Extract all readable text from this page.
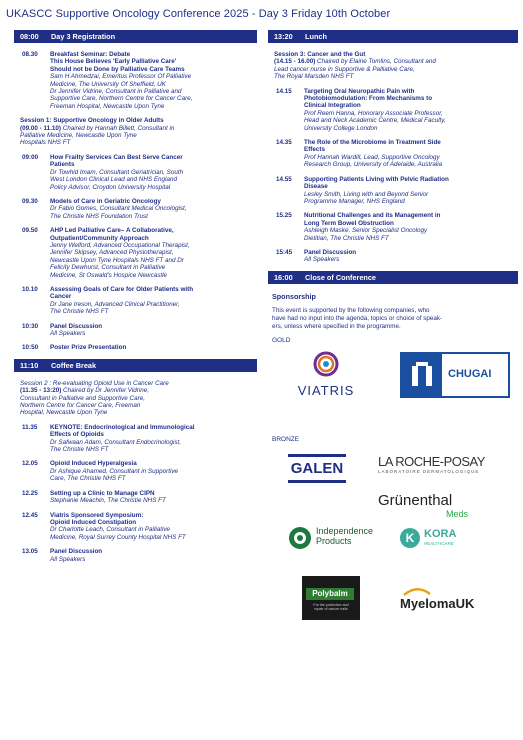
UKASCC Supportive Oncology Conference 2025 - Day 3 Friday 10th October
08:00 Day 3 Registration
08.30 Breakfast Seminar: Debate
This House Believes 'Early Palliative Care'
Should not be Done by Palliative Care Teams
Sam H Ahmedzai, Emeritus Professor Of Palliative
Medicine, The University Of Sheffield, UK
Dr Jennifer Vidrine, Consultant in Palliative and
Supportive Care, Northern Centre for Cancer Care,
Freeman Hospital, Newcastle Upon Tyne
Session 1: Supportive Oncology in Older Adults
(09.00 - 11.10) Chaired by Hannah Billett, Consultant in
Palliative Medicine, Newcastle Upon Tyne
Hospitals NHS FT
09:00 How Frailty Services Can Best Serve Cancer
Patients
Dr Towhid Imam, Consultant Geriatrician, South
West London Clinical Lead and NHS England
Policy Advisor, Croydon University Hospital
09.30 Models of Care in Geriatric Oncology
Dr Fabio Gomes, Consultant Medical Oncologist,
The Christie NHS Foundation Trust
09.50 AHP Led Palliative Care– A Collaborative,
Outpatient/Community Approach
Jenny Welford, Advanced Occupational Therapist,
Jennifer Skipsey, Advanced Physiotherapist,
Newcastle Upon Tyne Hospitals NHS FT and Dr
Felicity Dewhurst, Consultant in Palliative
Medicine, St Oswald's Hospice Newcastle
10.10 Assessing Goals of Care for Older Patients with
Cancer
Dr Jane Ireson, Advanced Clinical Practitioner,
The Christie NHS FT
10:30 Panel Discussion
All Speakers
10:50 Poster Prize Presentation
11:10 Coffee Break
Session 2 : Re-evaluating Opioid Use in Cancer Care
(11.35 - 13:20) Chaired by Dr Jennifer Vidrine,
Consultant in Palliative and Supportive Care,
Northern Centre for Cancer Care, Freeman
Hospital, Newcastle Upon Tyne
11.35 KEYNOTE: Endocrinological and Immunological
Effects of Opioids
Dr Safwaan Adam, Consultant Endocrinologist,
The Christie NHS FT
12.05 Opioid Induced Hyperalgesia
Dr Ashique Ahamed, Consultant in Supportive
Care, The Christie NHS FT
12.25 Setting up a Clinic to Manage CIPN
Stephanie Meachin, The Christie NHS FT
12.45 Viatris Sponsored Symposium:
Opioid Induced Constipation
Dr Charlotte Leach, Consultant in Palliative
Medicine, Royal Surrey County Hospital NHS FT
13.05 Panel Discussion
All Speakers
13:20 Lunch
Session 3: Cancer and the Gut
(14.15 - 16.00) Chaired by Elaine Tomlins, Consultant and
Lead cancer nurse in Supportive & Palliative Care,
The Royal Marsden NHS FT
14.15 Targeting Oral Neuropathic Pain with
Photobiomodulation: From Mechanisms to
Clinical Integration
Prof Reem Hanna, Honorary Associate Professor,
Head and Neck Academic Centre, Medical Faculty,
University College London
14.35 The Role of the Microbiome in Treatment Side
Effects
Prof Hannah Wardill, Lead, Supportive Oncology
Research Group, University of Adelaide, Australia
14.55 Supporting Patients Living with Pelvic Radiation
Disease
Lesley Smith, Living with and Beyond Senior
Programme Manager, NHS England
15.25 Nutritional Challenges and its Management in
Long Term Bowel Obstruction
Ashleigh Maske, Senior Specialist Oncology
Dietitian, The Christie NHS FT
15:45 Panel Discussion
All Speakers
16:00 Close of Conference
Sponsorship
This event is supported by the following companies, who
have had no input into the agenda, topics or choice of speak-
ers, unless where specified in the programme.
GOLD
VIATRIS
CHUGAI
BRONZE
GALEN	LA ROCHE-POSAY
LABORATOIRE DERMATOLOGIQUE
Grünenthal
Meds
Independence
Products	K KORA
HEALTHCARE
Polybalm
For the protection and
repair of cancer nails	MyelomaUK
